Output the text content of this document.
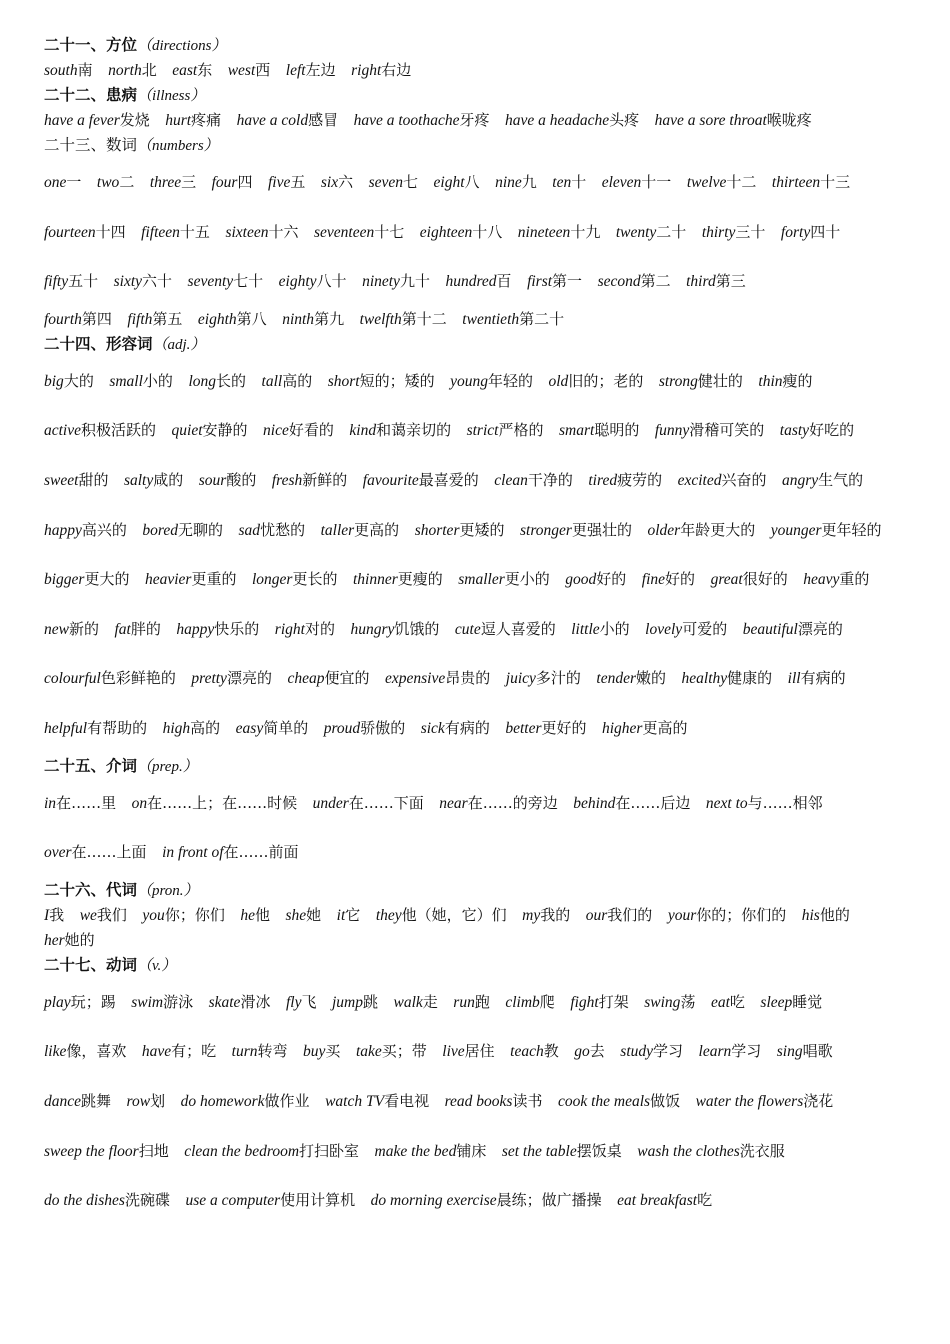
二十一、方位（directions）
south南   north北   east东   west西   left左边   right右边  
二十二、患病（illness）
have a fever发烧   hurt疼痛   have a cold感冒   have a toothache牙疼   have a headache头疼   have a sore throat喉咙疼  
二十三、数词（numbers）
one一   two二   three三   four四   five五   six六   seven七   eight八   nine九   ten十   eleven十一   twelve十二   thirteen十三  fourteen十四   fifteen十五   sixteen十六   seventeen十七   eighteen十八   nineteen十九   twenty二十   thirty三十   forty四十  fifty五十   sixty六十   seventy七十   eighty八十   ninety九十   hundred百   first第一   second第二   third第三  
fourth第四   fifth第五   eighth第八   ninth第九   twelfth第十二   twentieth第二十  
二十四、形容词（adj.）
big大的   small小的   long长的   tall高的   short短的；矮的   young年轻的   old旧的；老的   strong健壮的   thin瘦的  active积极活跃的   quiet安静的   nice好看的   kind和蔼亲切的   strict严格的   smart聪明的   funny滑稽可笑的   tasty好吃的  sweet甜的   salty咸的   sour酸的   fresh新鲜的   favourite最喜爱的   clean干净的   tired疲劳的   excited兴奋的   angry生气的  happy高兴的   bored无聊的   sad忧愁的   taller更高的   shorter更矮的   stronger更强壮的   older年龄更大的   younger更年轻的  bigger更大的   heavier更重的   longer更长的   thinner更瘦的   smaller更小的   good好的   fine好的   great很好的   heavy重的  new新的   fat胖的   happy快乐的   right对的   hungry饥饿的   cute逗人喜爱的   little小的   lovely可爱的   beautiful漂亮的  colourful色彩鲜艳的   pretty漂亮的   cheap便宜的   expensive昂贵的   juicy多汁的   tender嫩的   healthy健康的   ill有病的  helpful有帮助的   high高的   easy简单的   proud骄傲的   sick有病的   better更好的   higher更高的  
二十五、介词（prep.）
in在……里   on在……上；在……时候   under在……下面   near在……的旁边   behind在……后边   next to与……相邻  over在……上面   in front of在……前面  
二十六、代词（pron.）
I我   we我们   you你；你们   he他   she她   it它   they他（她，它）们   my我的   our我们的   your你的；你们的   his他的  her她的  
二十七、动词（v.）
play玩；踢   swim游泳   skate滑冰   fly飞   jump跳   walk走   run跑   climb爬   fight打架   swing荡   eat吃   sleep睡觉  like像，喜欢   have有；吃   turn转弯   buy买   take买；带   live居住   teach教   go去   study学习   learn学习   sing唱歌  dance跳舞   row划   do homework做作业   watch TV看电视   read books读书   cook the meals做饭   water the flowers浇花  sweep the floor扫地   clean the bedroom打扫卧室   make the bed铺床   set the table摆饭桌   wash the clothes洗衣服  do the dishes洗碗碟   use a computer使用计算机   do morning exercise晨练；做广播操   eat breakfast吃  
